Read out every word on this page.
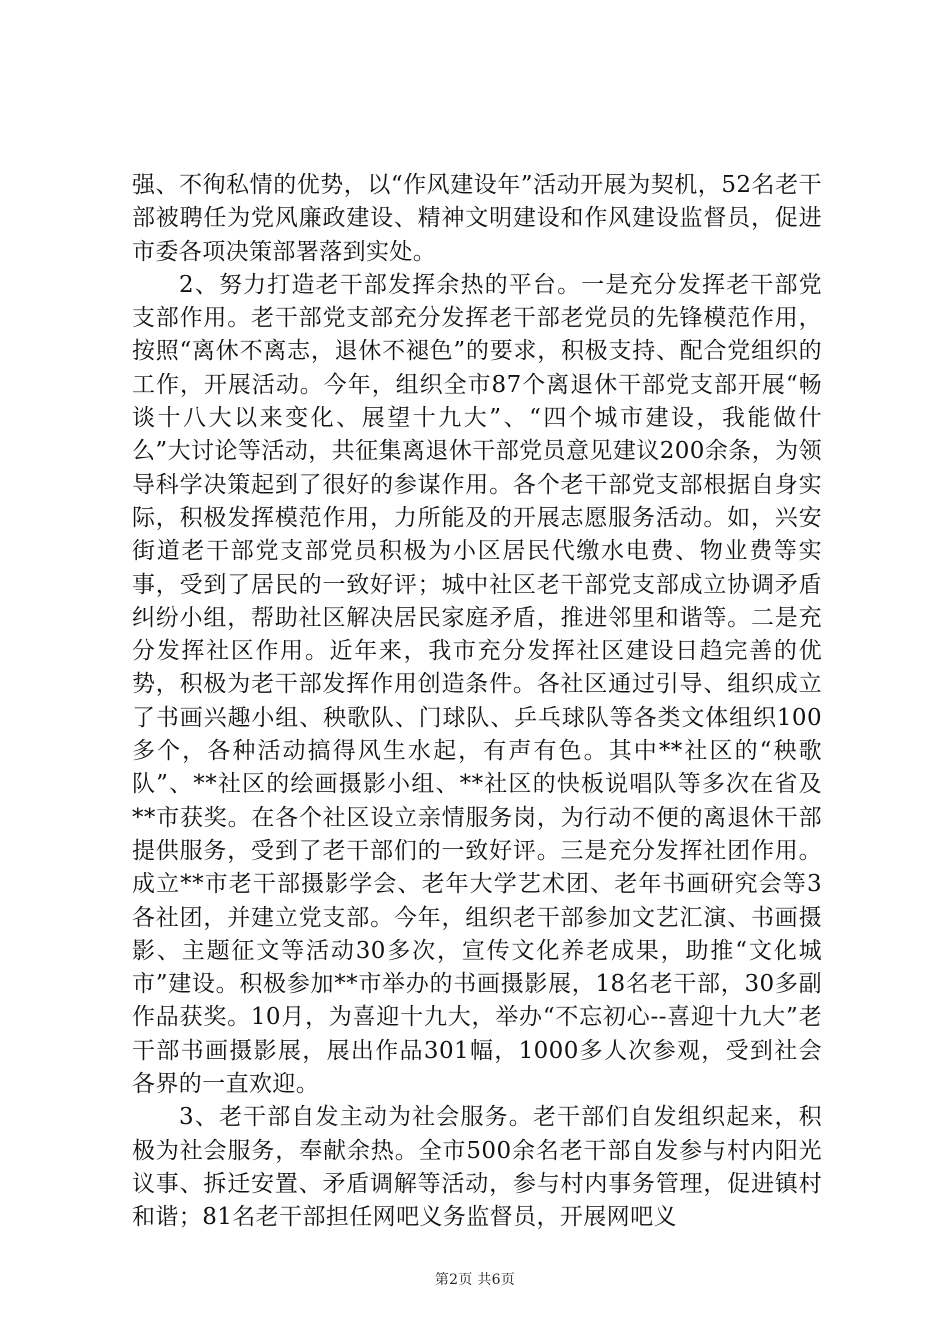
强、不徇私情的优势，以“作风建设年”活动开展为契机，52名老干部被聘任为党风廉政建设、精神文明建设和作风建设监督员，促进市委各项决策部署落到实处。

2、努力打造老干部发挥余热的平台。一是充分发挥老干部党支部作用。老干部党支部充分发挥老干部老党员的先锋模范作用，按照“离休不离志，退休不褪色”的要求，积极支持、配合党组织的工作，开展活动。今年，组织全市87个离退休干部党支部开展“畅谈十八大以来变化、展望十九大”、“四个城市建设，我能做什么”大讨论等活动，共征集离退休干部党员意见建议200余条，为领导科学决策起到了很好的参谋作用。各个老干部党支部根据自身实际，积极发挥模范作用，力所能及的开展志愿服务活动。如，兴安街道老干部党支部党员积极为小区居民代缴水电费、物业费等实事，受到了居民的一致好评；城中社区老干部党支部成立协调矛盾纠纷小组，帮助社区解决居民家庭矛盾，推进邻里和谐等。二是充分发挥社区作用。近年来，我市充分发挥社区建设日趋完善的优势，积极为老干部发挥作用创造条件。各社区通过引导、组织成立了书画兴趣小组、秧歌队、门球队、乒乓球队等各类文体组织100多个，各种活动搞得风生水起，有声有色。其中**社区的“秧歌队”、**社区的绘画摄影小组、**社区的快板说唱队等多次在省及**市获奖。在各个社区设立亲情服务岗，为行动不便的离退休干部提供服务，受到了老干部们的一致好评。三是充分发挥社团作用。成立**市老干部摄影学会、老年大学艺术团、老年书画研究会等3各社团，并建立党支部。今年，组织老干部参加文艺汇演、书画摄影、主题征文等活动30多次，宣传文化养老成果，助推“文化城市”建设。积极参加**市举办的书画摄影展，18名老干部，30多副作品获奖。10月，为喜迎十九大，举办“不忘初心--喜迎十九大”老干部书画摄影展，展出作品301幅，1000多人次参观，受到社会各界的一直欢迎。

3、老干部自发主动为社会服务。老干部们自发组织起来，积极为社会服务，奉献余热。全市500余名老干部自发参与村内阳光议事、拆迁安置、矛盾调解等活动，参与村内事务管理，促进镇村和谐；81名老干部担任网吧义务监督员，开展网吧义

第2页 共6页
